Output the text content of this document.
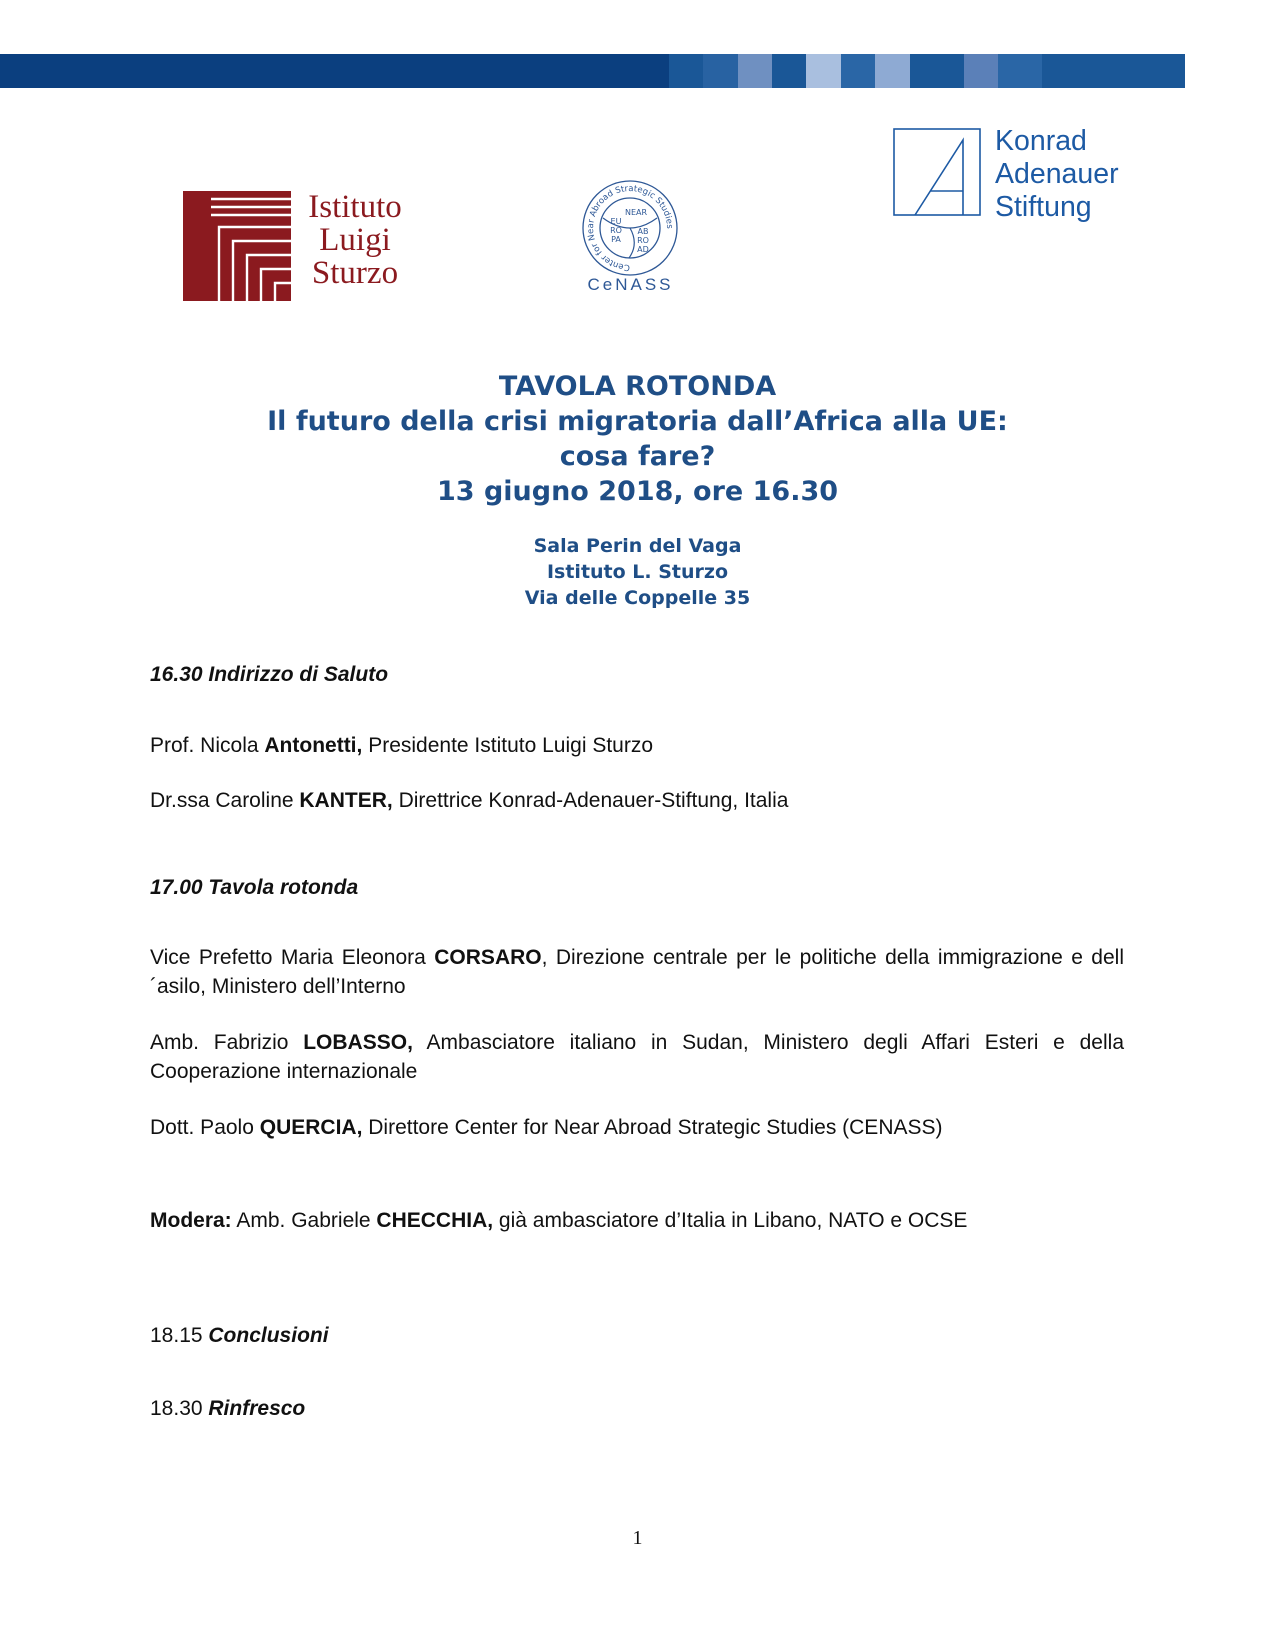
Istituto
Luigi
Sturzo	Center for Near Abroad Strategic Studies
EU
RO
PA
NEAR
AB
RO
AD
CeNASS
Konrad
Adenauer
Stiftung
TAVOLA ROTONDA
Il futuro della crisi migratoria dall’Africa alla UE:
cosa fare?
13 giugno 2018, ore 16.30
Sala Perin del Vaga
Istituto L. Sturzo
Via delle Coppelle 35
16.30 Indirizzo di Saluto
Prof. Nicola Antonetti, Presidente Istituto Luigi Sturzo
Dr.ssa Caroline KANTER, Direttrice Konrad-Adenauer-Stiftung, Italia
17.00 Tavola rotonda
Vice Prefetto Maria Eleonora CORSARO, Direzione centrale per le politiche della immigrazione e dell´asilo, Ministero dell’Interno
Amb. Fabrizio LOBASSO, Ambasciatore italiano in Sudan, Ministero degli Affari Esteri e della Cooperazione internazionale
Dott. Paolo QUERCIA, Direttore Center for Near Abroad Strategic Studies (CENASS)
Modera: Amb. Gabriele CHECCHIA, già ambasciatore d’Italia in Libano, NATO e OCSE
18.15 Conclusioni
18.30 Rinfresco
1
